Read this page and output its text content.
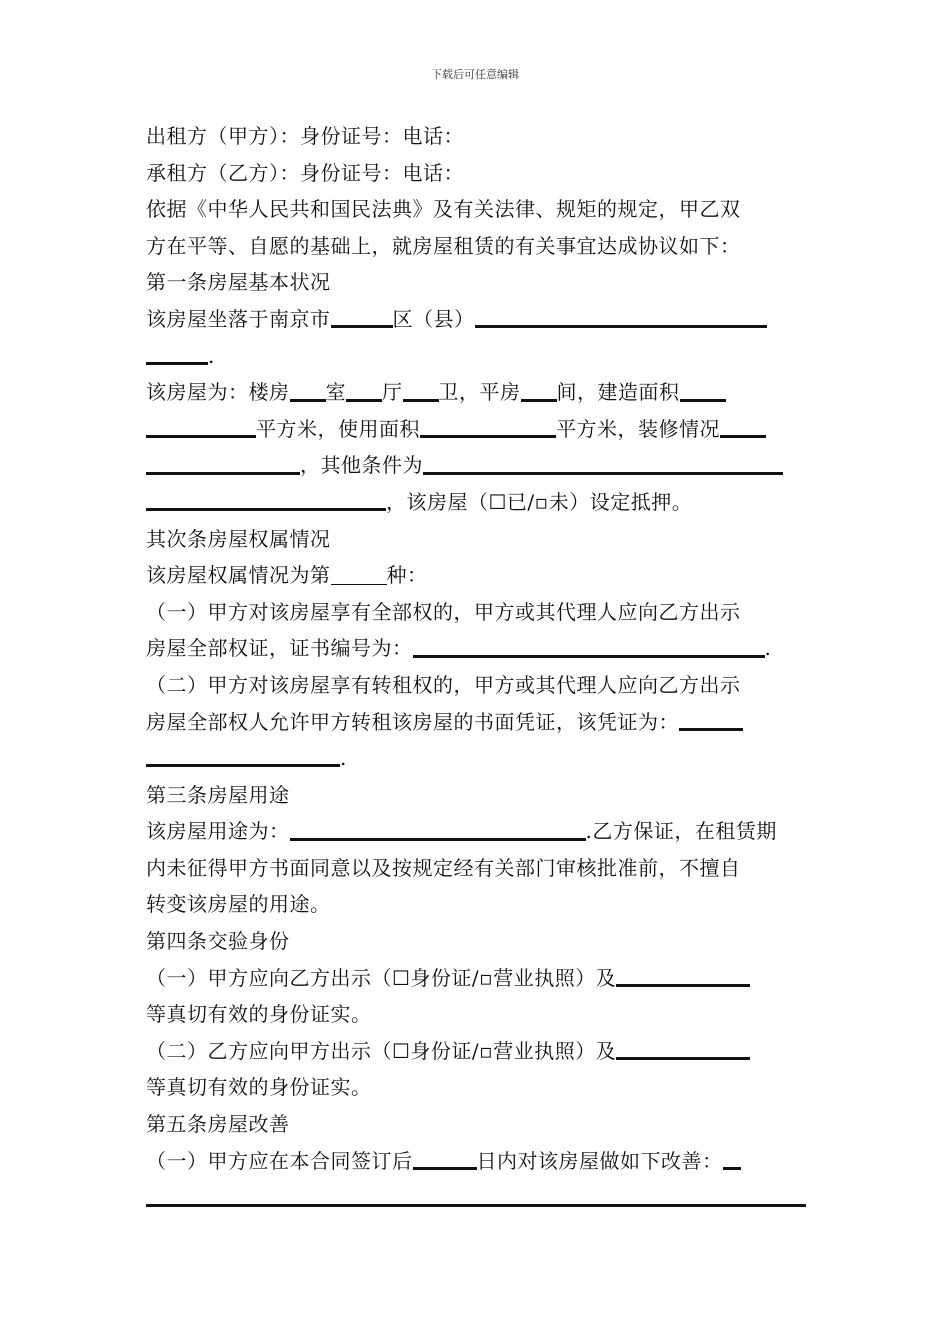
下载后可任意编辑
出租方（甲方）：身份证号：电话：
承租方（乙方）：身份证号：电话：
依据《中华人民共和国民法典》及有关法律、规矩的规定，甲乙双
方在平等、自愿的基础上，就房屋租赁的有关事宜达成协议如下：
第一条房屋基本状况
该房屋坐落于南京市	区（县）
.
该房屋为：楼房 室 厅 卫，平房 间，建造面积
平方米，使用面积	平方米，装修情况
，其他条件为
，该房屋（☐已/▫未）设定抵押。
其次条房屋权属情况
该房屋权属情况为第	种：
（一）甲方对该房屋享有全部权的，甲方或其代理人应向乙方出示
房屋全部权证，证书编号为：	.
（二）甲方对该房屋享有转租权的，甲方或其代理人应向乙方出示
房屋全部权人允许甲方转租该房屋的书面凭证，该凭证为：
.
第三条房屋用途
该房屋用途为：	.乙方保证，在租赁期
内未征得甲方书面同意以及按规定经有关部门审核批准前，不擅自
转变该房屋的用途。
第四条交验身份
（一）甲方应向乙方出示（☐身份证/▫营业执照）及
等真切有效的身份证实。
（二）乙方应向甲方出示（☐身份证/▫营业执照）及
等真切有效的身份证实。
第五条房屋改善
（一）甲方应在本合同签订后	日内对该房屋做如下改善：
